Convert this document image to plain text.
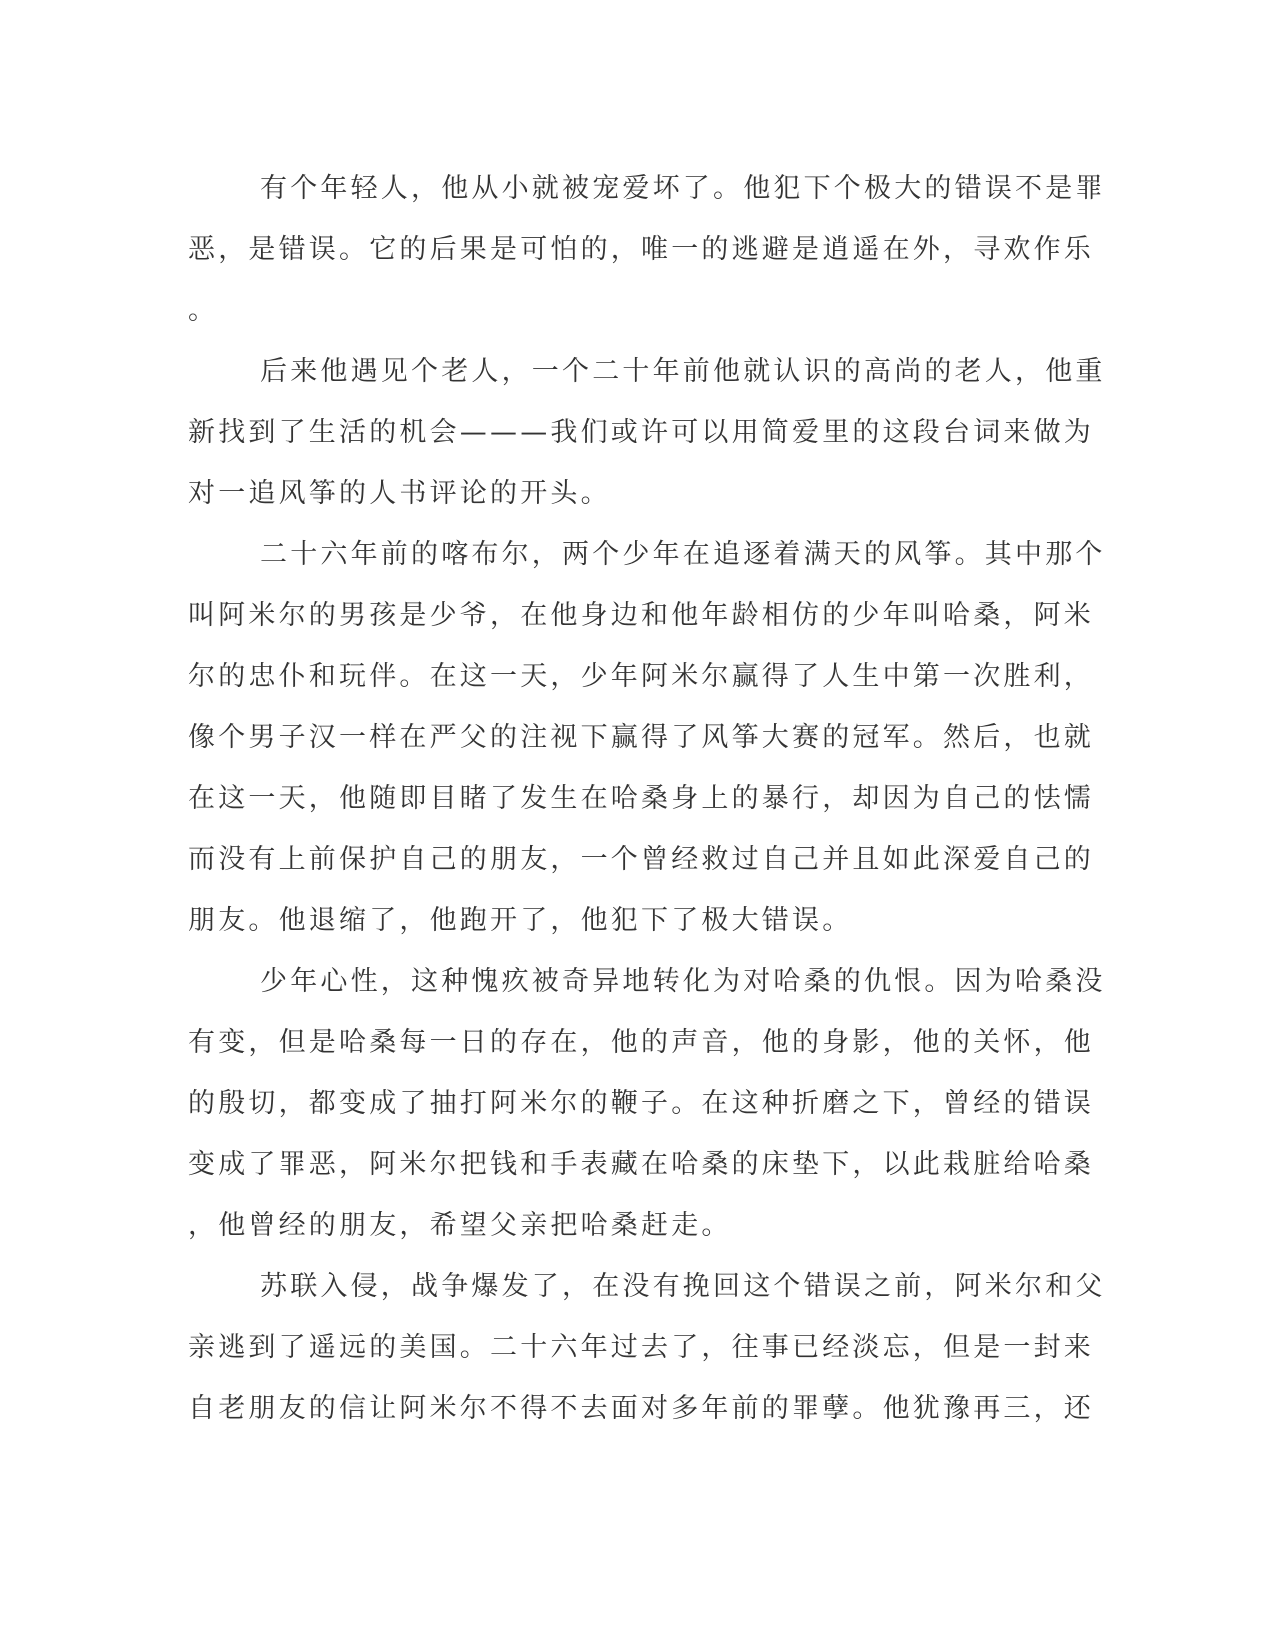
有个年轻人，他从小就被宠爱坏了。他犯下个极大的错误不是罪
恶，是错误。它的后果是可怕的，唯一的逃避是逍遥在外，寻欢作乐
。
后来他遇见个老人，一个二十年前他就认识的高尚的老人，他重
新找到了生活的机会———我们或许可以用简爱里的这段台词来做为
对一追风筝的人书评论的开头。
二十六年前的喀布尔，两个少年在追逐着满天的风筝。其中那个
叫阿米尔的男孩是少爷，在他身边和他年龄相仿的少年叫哈桑，阿米
尔的忠仆和玩伴。在这一天，少年阿米尔赢得了人生中第一次胜利，
像个男子汉一样在严父的注视下赢得了风筝大赛的冠军。然后，也就
在这一天，他随即目睹了发生在哈桑身上的暴行，却因为自己的怯懦
而没有上前保护自己的朋友，一个曾经救过自己并且如此深爱自己的
朋友。他退缩了，他跑开了，他犯下了极大错误。
少年心性，这种愧疚被奇异地转化为对哈桑的仇恨。因为哈桑没
有变，但是哈桑每一日的存在，他的声音，他的身影，他的关怀，他
的殷切，都变成了抽打阿米尔的鞭子。在这种折磨之下，曾经的错误
变成了罪恶，阿米尔把钱和手表藏在哈桑的床垫下，以此栽脏给哈桑
，他曾经的朋友，希望父亲把哈桑赶走。
苏联入侵，战争爆发了，在没有挽回这个错误之前，阿米尔和父
亲逃到了遥远的美国。二十六年过去了，往事已经淡忘，但是一封来
自老朋友的信让阿米尔不得不去面对多年前的罪孽。他犹豫再三，还
